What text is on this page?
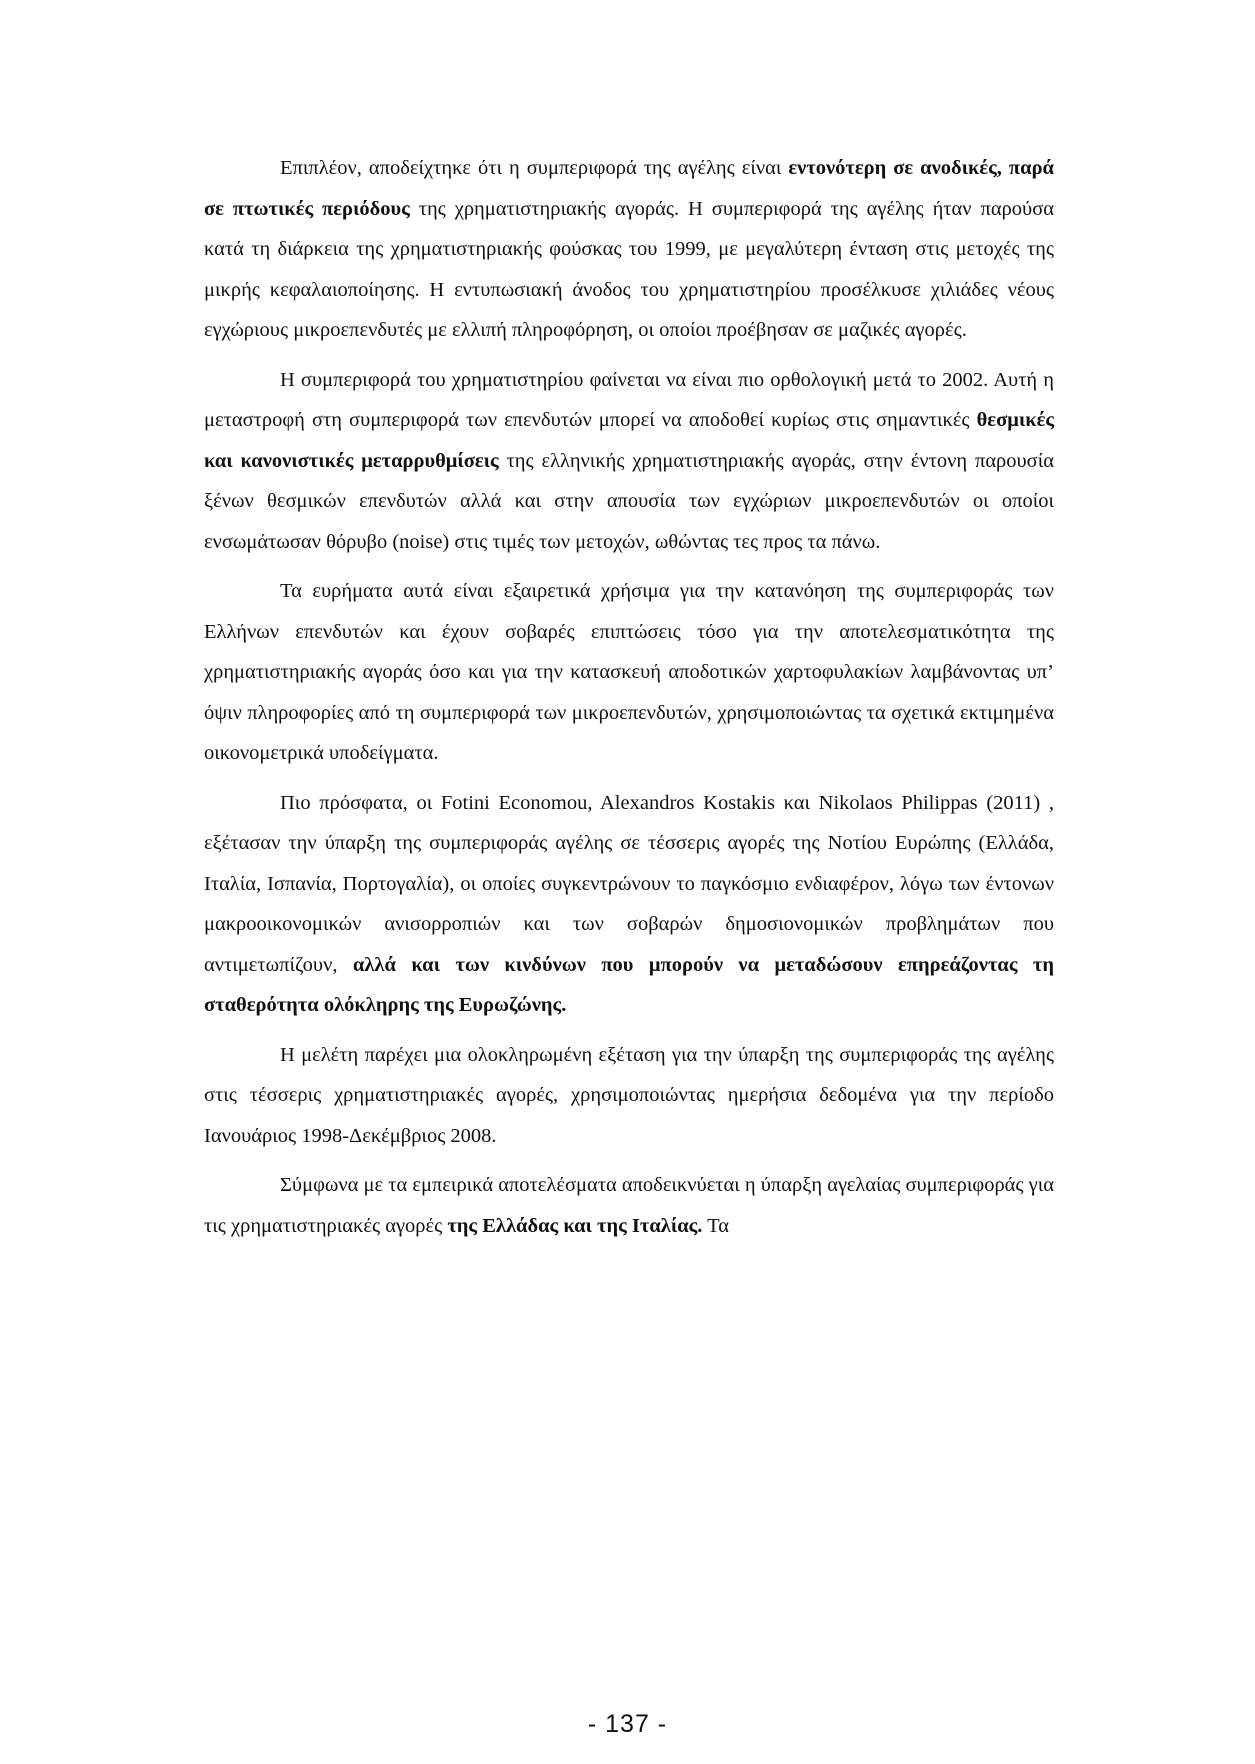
Επιπλέον, αποδείχτηκε ότι η συμπεριφορά της αγέλης είναι εντονότερη σε ανοδικές, παρά σε πτωτικές περιόδους της χρηματιστηριακής αγοράς. Η συμπεριφορά της αγέλης ήταν παρούσα κατά τη διάρκεια της χρηματιστηριακής φούσκας του 1999, με μεγαλύτερη ένταση στις μετοχές της μικρής κεφαλαιοποίησης. Η εντυπωσιακή άνοδος του χρηματιστηρίου προσέλκυσε χιλιάδες νέους εγχώριους μικροεπενδυτές με ελλιπή πληροφόρηση, οι οποίοι προέβησαν σε μαζικές αγορές.

Η συμπεριφορά του χρηματιστηρίου φαίνεται να είναι πιο ορθολογική μετά το 2002. Αυτή η μεταστροφή στη συμπεριφορά των επενδυτών μπορεί να αποδοθεί κυρίως στις σημαντικές θεσμικές και κανονιστικές μεταρρυθμίσεις της ελληνικής χρηματιστηριακής αγοράς, στην έντονη παρουσία ξένων θεσμικών επενδυτών αλλά και στην απουσία των εγχώριων μικροεπενδυτών οι οποίοι ενσωμάτωσαν θόρυβο (noise) στις τιμές των μετοχών, ωθώντας τες προς τα πάνω.

Τα ευρήματα αυτά είναι εξαιρετικά χρήσιμα για την κατανόηση της συμπεριφοράς των Ελλήνων επενδυτών και έχουν σοβαρές επιπτώσεις τόσο για την αποτελεσματικότητα της χρηματιστηριακής αγοράς όσο και για την κατασκευή αποδοτικών χαρτοφυλακίων λαμβάνοντας υπ’ όψιν πληροφορίες από τη συμπεριφορά των μικροεπενδυτών, χρησιμοποιώντας τα σχετικά εκτιμημένα οικονομετρικά υποδείγματα.

Πιο πρόσφατα, οι Fotini Economou, Alexandros Kostakis και Nikolaos Philippas (2011) , εξέτασαν την ύπαρξη της συμπεριφοράς αγέλης σε τέσσερις αγορές της Νοτίου Ευρώπης (Ελλάδα, Ιταλία, Ισπανία, Πορτογαλία), οι οποίες συγκεντρώνουν το παγκόσμιο ενδιαφέρον, λόγω των έντονων μακροοικονομικών ανισορροπιών και των σοβαρών δημοσιονομικών προβλημάτων που αντιμετωπίζουν, αλλά και των κινδύνων που μπορούν να μεταδώσουν επηρεάζοντας τη σταθερότητα ολόκληρης της Ευρωζώνης.

Η μελέτη παρέχει μια ολοκληρωμένη εξέταση για την ύπαρξη της συμπεριφοράς της αγέλης στις τέσσερις χρηματιστηριακές αγορές, χρησιμοποιώντας ημερήσια δεδομένα για την περίοδο Ιανουάριος 1998-Δεκέμβριος 2008.

Σύμφωνα με τα εμπειρικά αποτελέσματα αποδεικνύεται η ύπαρξη αγελαίας συμπεριφοράς για τις χρηματιστηριακές αγορές της Ελλάδας και της Ιταλίας. Τα

- 137 -
